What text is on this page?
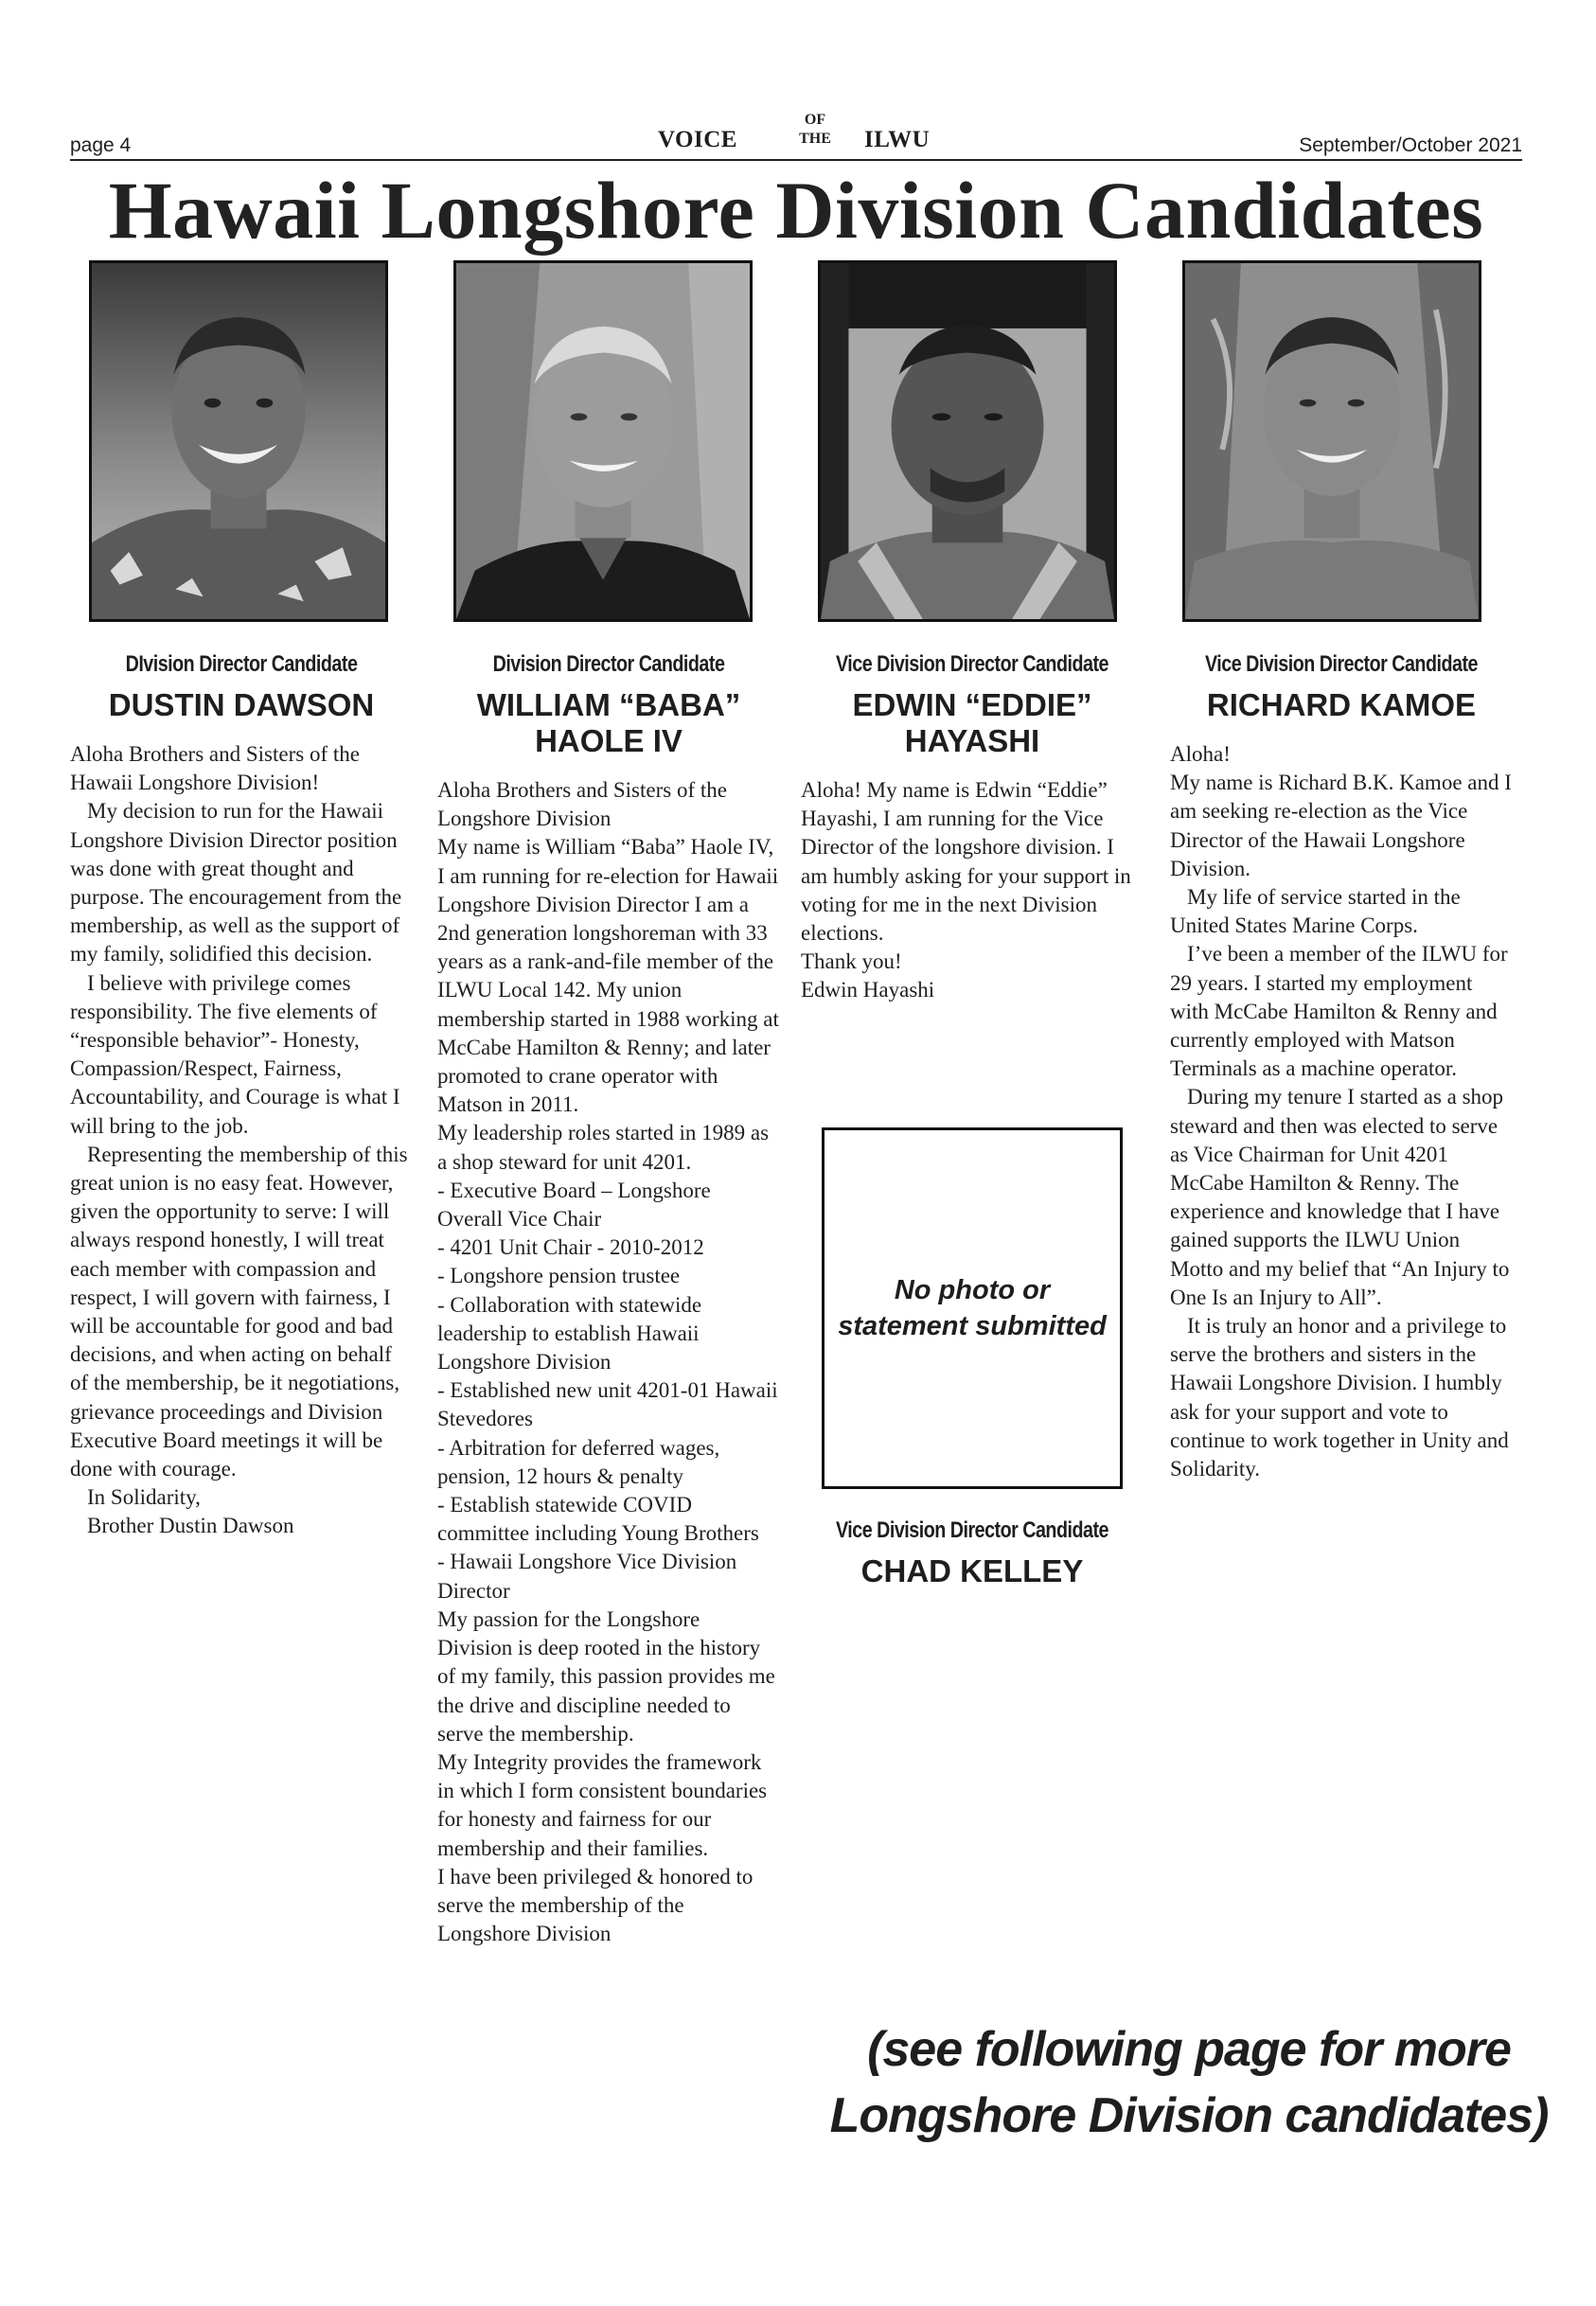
page 4	VOICE
OF
THE	ILWU	September/October 2021
Hawaii Longshore Division Candidates
DIvision Director Candidate
DUSTIN DAWSON

Aloha Brothers and Sisters of the Hawaii Longshore Division!

My decision to run for the Hawaii Longshore Division Director position was done with great thought and purpose. The encouragement from the membership, as well as the support of my family, solidified this decision.

I believe with privilege comes responsibility. The five elements of “responsible behavior”- Honesty, Compassion/Respect, Fairness, Accountability, and Courage is what I will bring to the job.

Representing the membership of this great union is no easy feat. However, given the opportunity to serve: I will always respond honestly, I will treat each member with compassion and respect, I will govern with fairness, I will be accountable for good and bad decisions, and when acting on behalf of the membership, be it negotiations, grievance proceedings and Division Executive Board meetings it will be done with courage.

In Solidarity,

Brother Dustin Dawson

Division Director Candidate
WILLIAM “BABA”
HAOLE IV

Aloha Brothers and Sisters of the Longshore Division

My name is William “Baba” Haole IV, I am running for re-election for Hawaii Longshore Division Director I am a 2nd generation longshoreman with 33 years as a rank-and-file member of the ILWU Local 142. My union membership started in 1988 working at McCabe Hamilton & Renny; and later promoted to crane operator with Matson in 2011.

My leadership roles started in 1989 as a shop steward for unit 4201.

- Executive Board – Longshore Overall Vice Chair

- 4201 Unit Chair - 2010-2012

- Longshore pension trustee

- Collaboration with statewide leadership to establish Hawaii Longshore Division

- Established new unit 4201-01 Hawaii Stevedores

- Arbitration for deferred wages, pension, 12 hours & penalty

- Establish statewide COVID committee including Young Brothers

- Hawaii Longshore Vice Division Director

My passion for the Longshore Division is deep rooted in the history of my family, this passion provides me the drive and discipline needed to serve the membership.

My Integrity provides the framework in which I form consistent boundaries for honesty and fairness for our membership and their families.

I have been privileged & honored to serve the membership of the Longshore Division

Vice Division Director Candidate
EDWIN “EDDIE”
HAYASHI

Aloha! My name is Edwin “Eddie” Hayashi, I am running for the Vice Director of the longshore division. I am humbly asking for your support in voting for me in the next Division elections.

Thank you!

Edwin Hayashi

No photo or
statement submitted
Vice Division Director Candidate
CHAD KELLEY
Vice Division Director Candidate
RICHARD KAMOE

Aloha!

My name is Richard B.K. Kamoe and I am seeking re-election as the Vice Director of the Hawaii Longshore Division.

My life of service started in the United States Marine Corps.

I’ve been a member of the ILWU for 29 years. I started my employment with McCabe Hamilton & Renny and currently employed with Matson Terminals as a machine operator.

During my tenure I started as a shop steward and then was elected to serve as Vice Chairman for Unit 4201 McCabe Hamilton & Renny. The experience and knowledge that I have gained supports the ILWU Union Motto and my belief that “An Injury to One Is an Injury to All”.

It is truly an honor and a privilege to serve the brothers and sisters in the Hawaii Longshore Division. I humbly ask for your support and vote to continue to work together in Unity and Solidarity.

(see following page for more
Longshore Division candidates)
